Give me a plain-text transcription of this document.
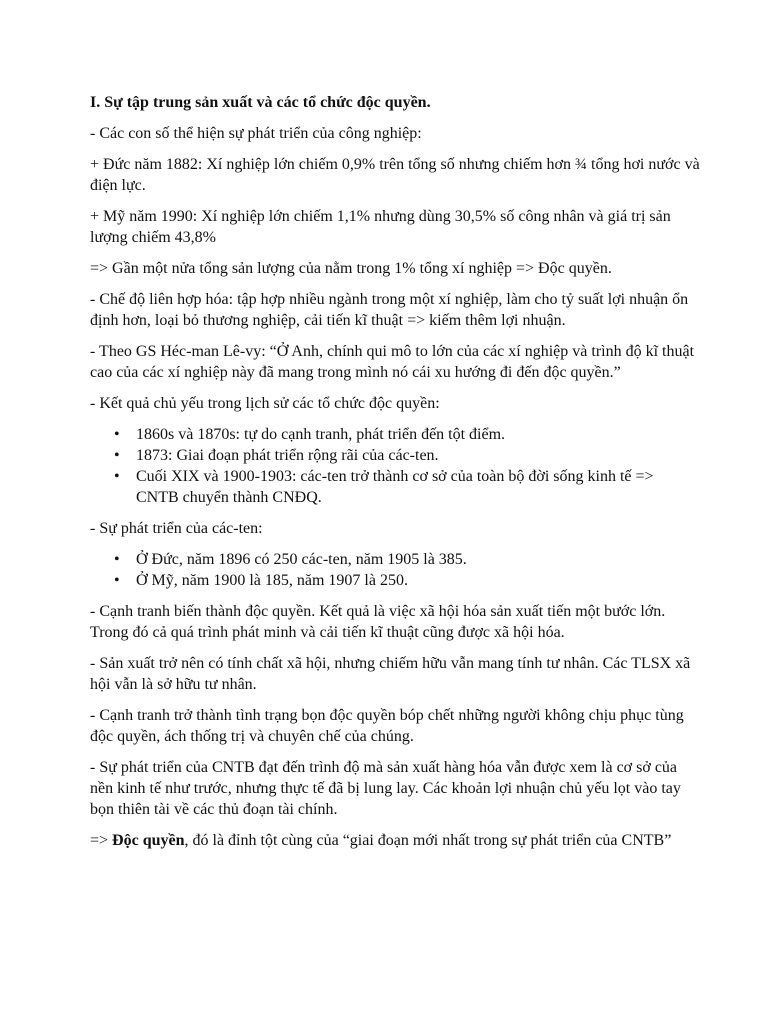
I. Sự tập trung sản xuất và các tổ chức độc quyền.

- Các con số thể hiện sự phát triển của công nghiệp:

+ Đức năm 1882: Xí nghiệp lớn chiếm 0,9% trên tổng số nhưng chiếm hơn ¾ tổng hơi nước và điện lực.

+ Mỹ năm 1990: Xí nghiệp lớn chiếm 1,1% nhưng dùng 30,5% số công nhân và giá trị sản lượng chiếm 43,8%

=> Gần một nửa tổng sản lượng của nằm trong 1% tổng xí nghiệp => Độc quyền.

- Chế độ liên hợp hóa: tập hợp nhiều ngành trong một xí nghiệp, làm cho tỷ suất lợi nhuận ổn định hơn, loại bỏ thương nghiệp, cải tiến kĩ thuật => kiếm thêm lợi nhuận.

- Theo GS Héc-man Lê-vy: “Ở Anh, chính qui mô to lớn của các xí nghiệp và trình độ kĩ thuật cao của các xí nghiệp này đã mang trong mình nó cái xu hướng đi đến độc quyền.”

- Kết quả chủ yếu trong lịch sử các tổ chức độc quyền:

• 1860s và 1870s: tự do cạnh tranh, phát triển đến tột điểm.
• 1873: Giai đoạn phát triển rộng rãi của các-ten.
• Cuối XIX và 1900-1903: các-ten trở thành cơ sở của toàn bộ đời sống kinh tế => CNTB chuyển thành CNĐQ.

- Sự phát triển của các-ten:

• Ở Đức, năm 1896 có 250 các-ten, năm 1905 là 385.
• Ở Mỹ, năm 1900 là 185, năm 1907 là 250.

- Cạnh tranh biến thành độc quyền. Kết quả là việc xã hội hóa sản xuất tiến một bước lớn. Trong đó cả quá trình phát minh và cải tiến kĩ thuật cũng được xã hội hóa.

- Sản xuất trở nên có tính chất xã hội, nhưng chiếm hữu vẫn mang tính tư nhân. Các TLSX xã hội vẫn là sở hữu tư nhân.

- Cạnh tranh trở thành tình trạng bọn độc quyền bóp chết những người không chịu phục tùng độc quyền, ách thống trị và chuyên chế của chúng.

- Sự phát triển của CNTB đạt đến trình độ mà sản xuất hàng hóa vẫn được xem là cơ sở của nền kinh tế như trước, nhưng thực tế đã bị lung lay. Các khoản lợi nhuận chủ yếu lọt vào tay bọn thiên tài về các thủ đoạn tài chính.

=> Độc quyền, đó là đỉnh tột cùng của “giai đoạn mới nhất trong sự phát triển của CNTB”
